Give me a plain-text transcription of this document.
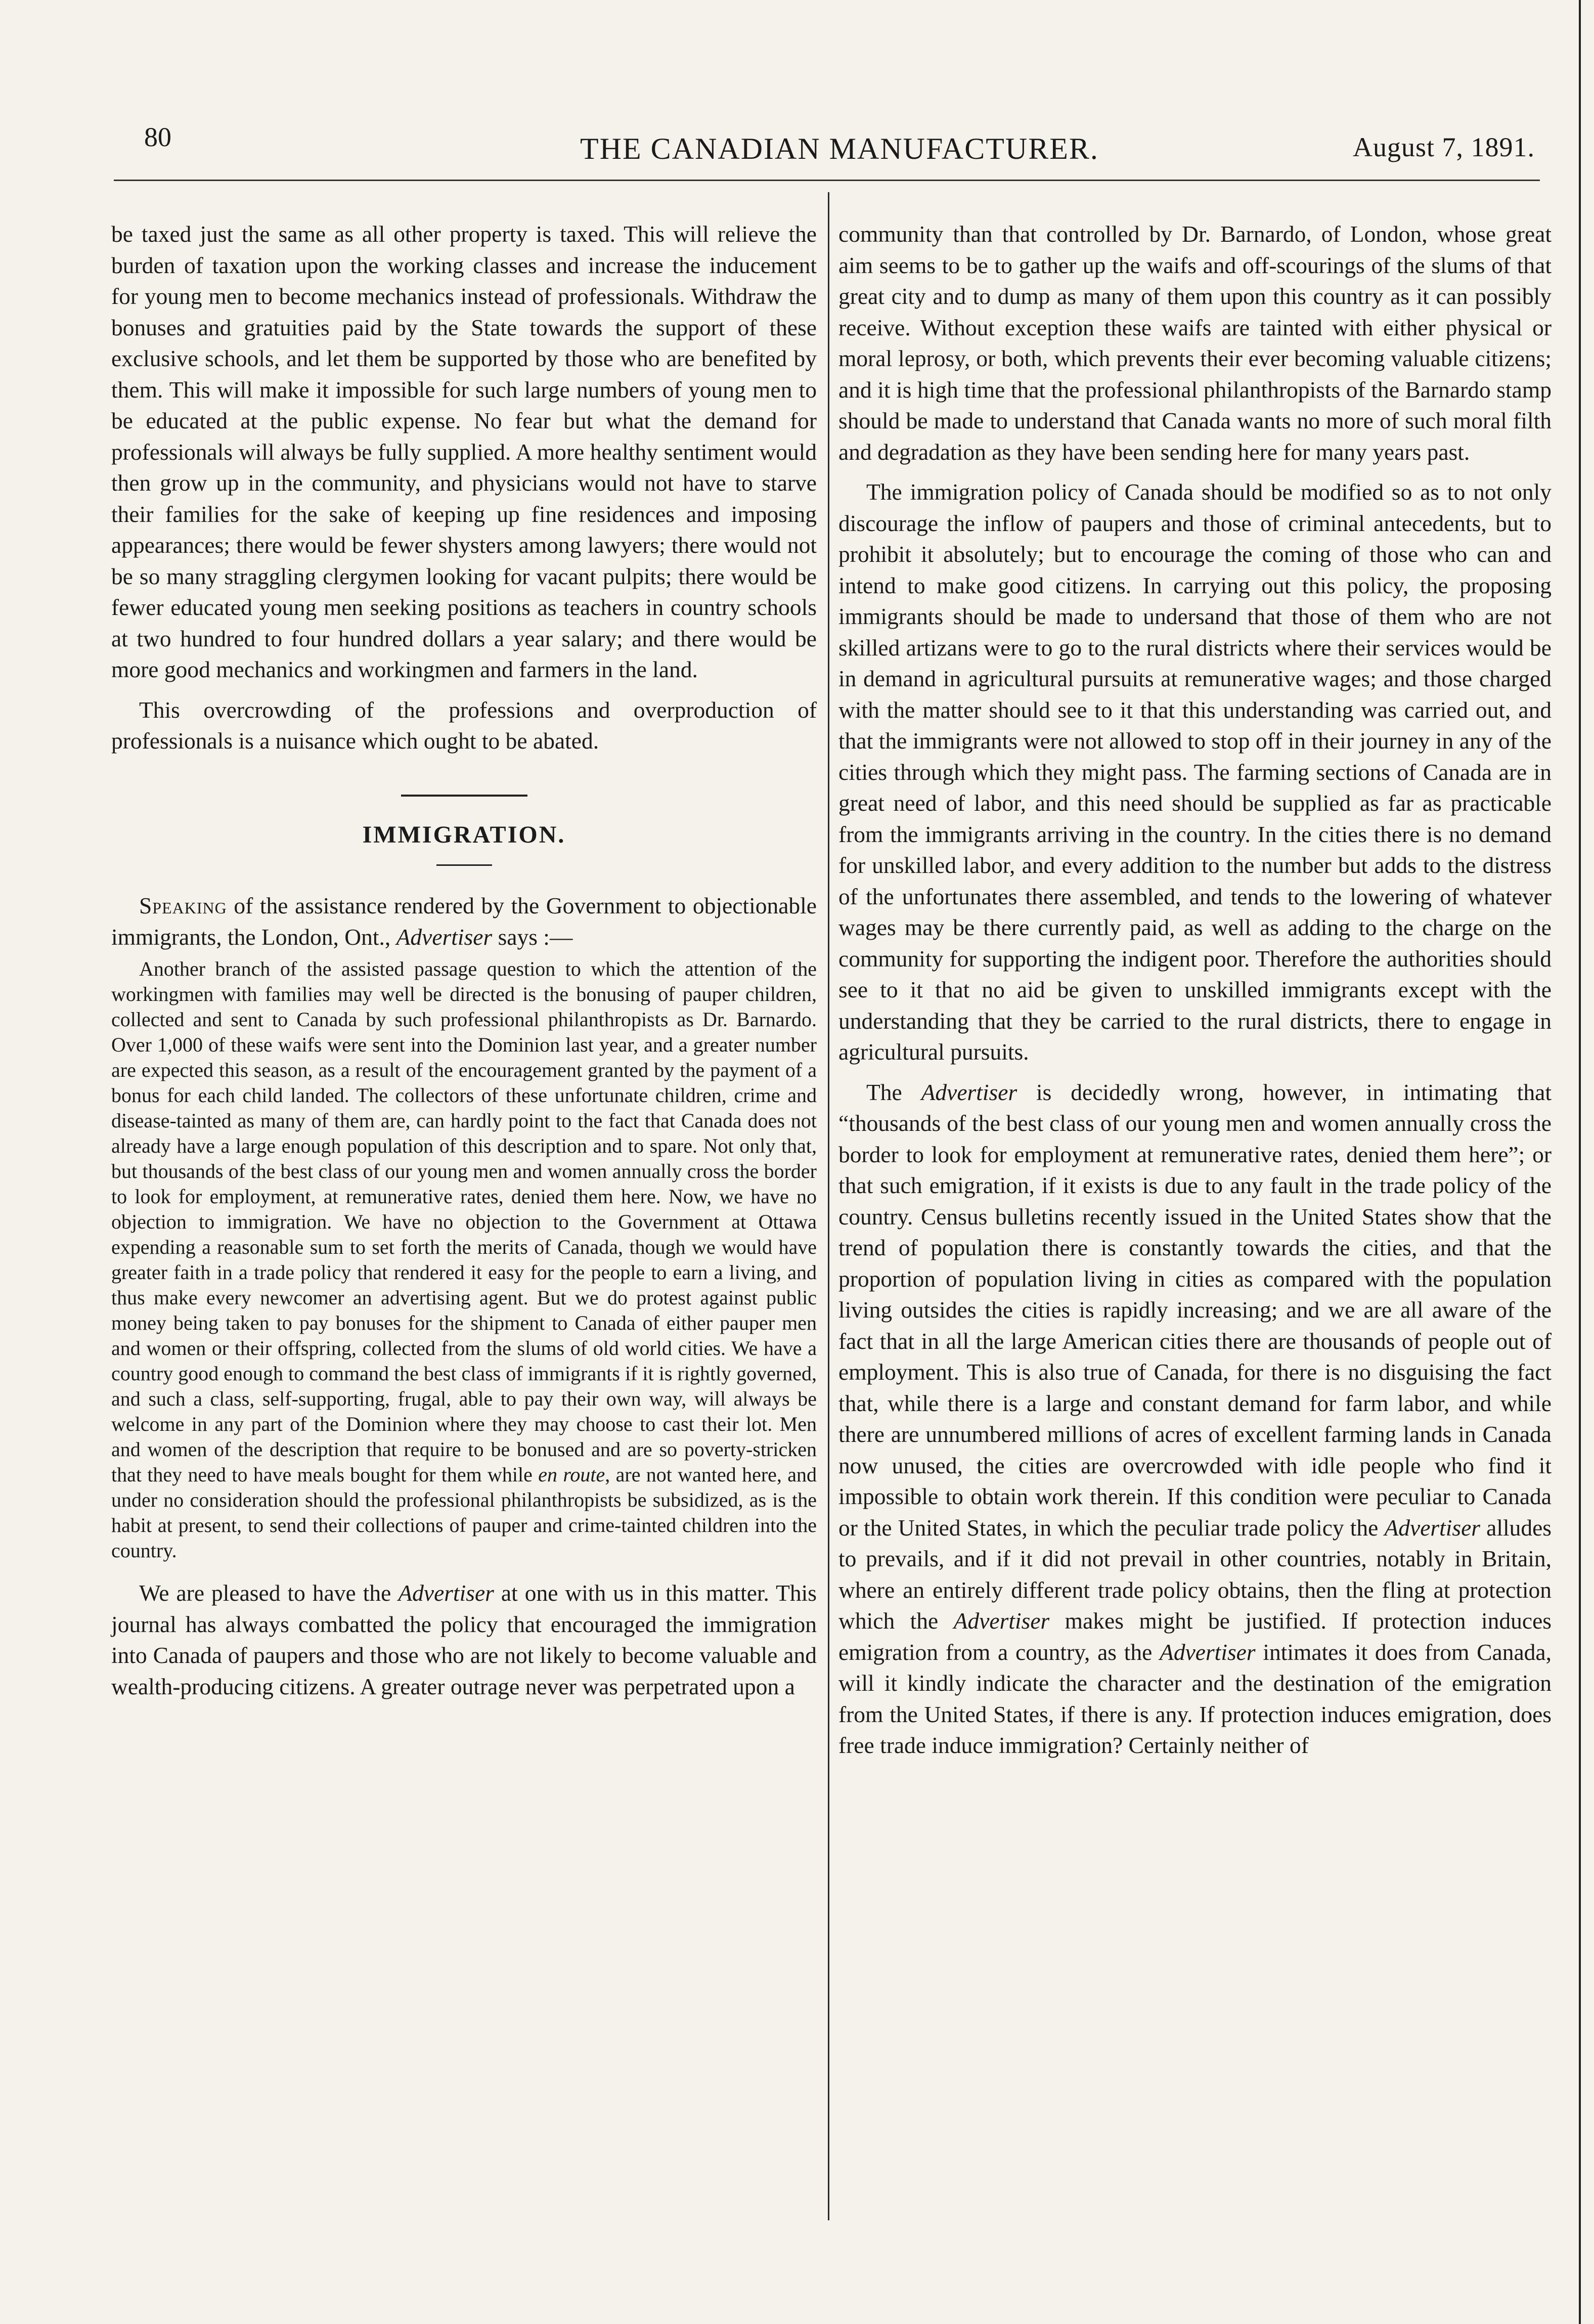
80	THE CANADIAN MANUFACTURER.	August 7, 1891.

be taxed just the same as all other property is taxed. This will relieve the burden of taxation upon the working classes and increase the inducement for young men to become mechanics instead of professionals. Withdraw the bonuses and gratuities paid by the State towards the support of these exclusive schools, and let them be supported by those who are benefited by them. This will make it impossible for such large numbers of young men to be educated at the public expense. No fear but what the demand for professionals will always be fully supplied. A more healthy sentiment would then grow up in the community, and physicians would not have to starve their families for the sake of keeping up fine residences and imposing appearances; there would be fewer shysters among lawyers; there would not be so many straggling clergymen looking for vacant pulpits; there would be fewer educated young men seeking positions as teachers in country schools at two hundred to four hundred dollars a year salary; and there would be more good mechanics and workingmen and farmers in the land.

This overcrowding of the professions and overproduction of professionals is a nuisance which ought to be abated.

IMMIGRATION.

Speaking of the assistance rendered by the Government to objectionable immigrants, the London, Ont., Advertiser says :—

Another branch of the assisted passage question to which the attention of the workingmen with families may well be directed is the bonusing of pauper children, collected and sent to Canada by such professional philanthropists as Dr. Barnardo. Over 1,000 of these waifs were sent into the Dominion last year, and a greater number are expected this season, as a result of the encouragement granted by the payment of a bonus for each child landed. The collectors of these unfortunate children, crime and disease-tainted as many of them are, can hardly point to the fact that Canada does not already have a large enough population of this description and to spare. Not only that, but thousands of the best class of our young men and women annually cross the border to look for employment, at remunerative rates, denied them here. Now, we have no objection to immigration. We have no objection to the Government at Ottawa expending a reasonable sum to set forth the merits of Canada, though we would have greater faith in a trade policy that rendered it easy for the people to earn a living, and thus make every newcomer an advertising agent. But we do protest against public money being taken to pay bonuses for the shipment to Canada of either pauper men and women or their offspring, collected from the slums of old world cities. We have a country good enough to command the best class of immigrants if it is rightly governed, and such a class, self-supporting, frugal, able to pay their own way, will always be welcome in any part of the Dominion where they may choose to cast their lot. Men and women of the description that require to be bonused and are so poverty-stricken that they need to have meals bought for them while en route, are not wanted here, and under no consideration should the professional philanthropists be subsidized, as is the habit at present, to send their collections of pauper and crime-tainted children into the country.

We are pleased to have the Advertiser at one with us in this matter. This journal has always combatted the policy that encouraged the immigration into Canada of paupers and those who are not likely to become valuable and wealth-producing citizens. A greater outrage never was perpetrated upon a

community than that controlled by Dr. Barnardo, of London, whose great aim seems to be to gather up the waifs and off-scourings of the slums of that great city and to dump as many of them upon this country as it can possibly receive. Without exception these waifs are tainted with either physical or moral leprosy, or both, which prevents their ever becoming valuable citizens; and it is high time that the professional philanthropists of the Barnardo stamp should be made to understand that Canada wants no more of such moral filth and degradation as they have been sending here for many years past.

The immigration policy of Canada should be modified so as to not only discourage the inflow of paupers and those of criminal antecedents, but to prohibit it absolutely; but to encourage the coming of those who can and intend to make good citizens. In carrying out this policy, the proposing immigrants should be made to undersand that those of them who are not skilled artizans were to go to the rural districts where their services would be in demand in agricultural pursuits at remunerative wages; and those charged with the matter should see to it that this understanding was carried out, and that the immigrants were not allowed to stop off in their journey in any of the cities through which they might pass. The farming sections of Canada are in great need of labor, and this need should be supplied as far as practicable from the immigrants arriving in the country. In the cities there is no demand for unskilled labor, and every addition to the number but adds to the distress of the unfortunates there assembled, and tends to the lowering of whatever wages may be there currently paid, as well as adding to the charge on the community for supporting the indigent poor. Therefore the authorities should see to it that no aid be given to unskilled immigrants except with the understanding that they be carried to the rural districts, there to engage in agricultural pursuits.

The Advertiser is decidedly wrong, however, in intimating that “thousands of the best class of our young men and women annually cross the border to look for employment at remunerative rates, denied them here”; or that such emigration, if it exists is due to any fault in the trade policy of the country. Census bulletins recently issued in the United States show that the trend of population there is constantly towards the cities, and that the proportion of population living in cities as compared with the population living outsides the cities is rapidly increasing; and we are all aware of the fact that in all the large American cities there are thousands of people out of employment. This is also true of Canada, for there is no disguising the fact that, while there is a large and constant demand for farm labor, and while there are unnumbered millions of acres of excellent farming lands in Canada now unused, the cities are overcrowded with idle people who find it impossible to obtain work therein. If this condition were peculiar to Canada or the United States, in which the peculiar trade policy the Advertiser alludes to prevails, and if it did not prevail in other countries, notably in Britain, where an entirely different trade policy obtains, then the fling at protection which the Advertiser makes might be justified. If protection induces emigration from a country, as the Advertiser intimates it does from Canada, will it kindly indicate the character and the destination of the emigration from the United States, if there is any. If protection induces emigration, does free trade induce immigration? Certainly neither of
